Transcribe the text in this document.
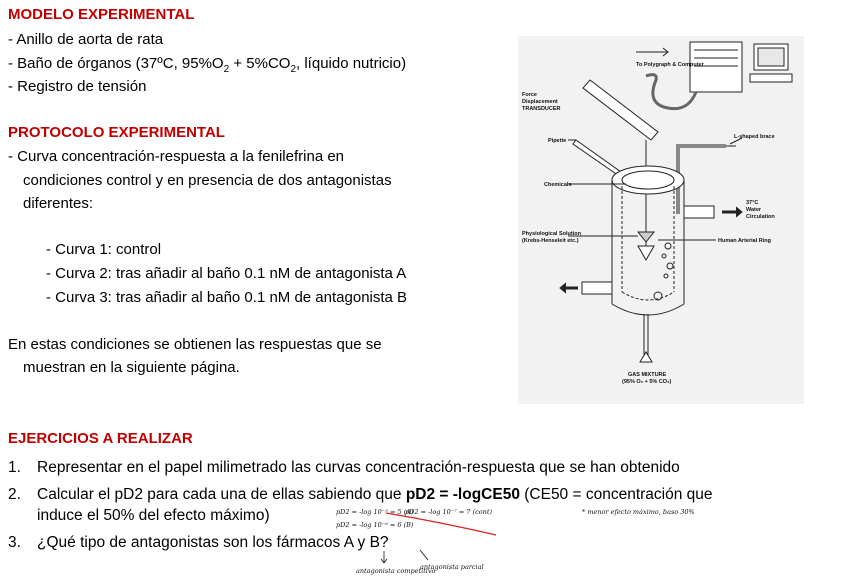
MODELO EXPERIMENTAL
- Anillo de aorta de rata
- Baño de órganos (37ºC, $95\%O_2 + 5\%CO_2$, líquido nutricio)
- Registro de tensión
PROTOCOLO EXPERIMENTAL
- Curva concentración-respuesta a la fenilefrina en
condiciones control y en presencia de dos antagonistas
diferentes:
- Curva 1: control
- Curva 2: tras añadir al baño 0.1 nM de antagonista A
- Curva 3: tras añadir al baño 0.1 nM de antagonista B
En estas condiciones se obtienen las respuestas que se
muestran en la siguiente página.
EJERCICIOS A REALIZAR
1. Representar en el papel milimetrado las curvas concentración-respuesta que se han obtenido
2. Calcular el pD2 para cada una de ellas sabiendo que pD2 = -logCE50 (CE50 = concentración que
induce el 50% del efecto máximo)
3. ¿Qué tipo de antagonistas son los fármacos A y B?
pD2 = -log 10⁻⁵ = 5 (A)
pD2 = -log 10⁻⁶ = 6 (B)
pD2 = -log 10⁻⁷ = 7 (cont)	* menor efecto máximo, baso 30%
antagonista competitivo
antagonista parcial
To Polygraph & Computer
Force
Displacement
TRANSDUCER
Pipette
L-shaped brace
Chemicals
37°C
Water
Circulation
Physiological Solution
(Krebs-Henseleit etc.)	Human Arterial Ring
GAS MIXTURE
(95% O₂ + 5% CO₂)
